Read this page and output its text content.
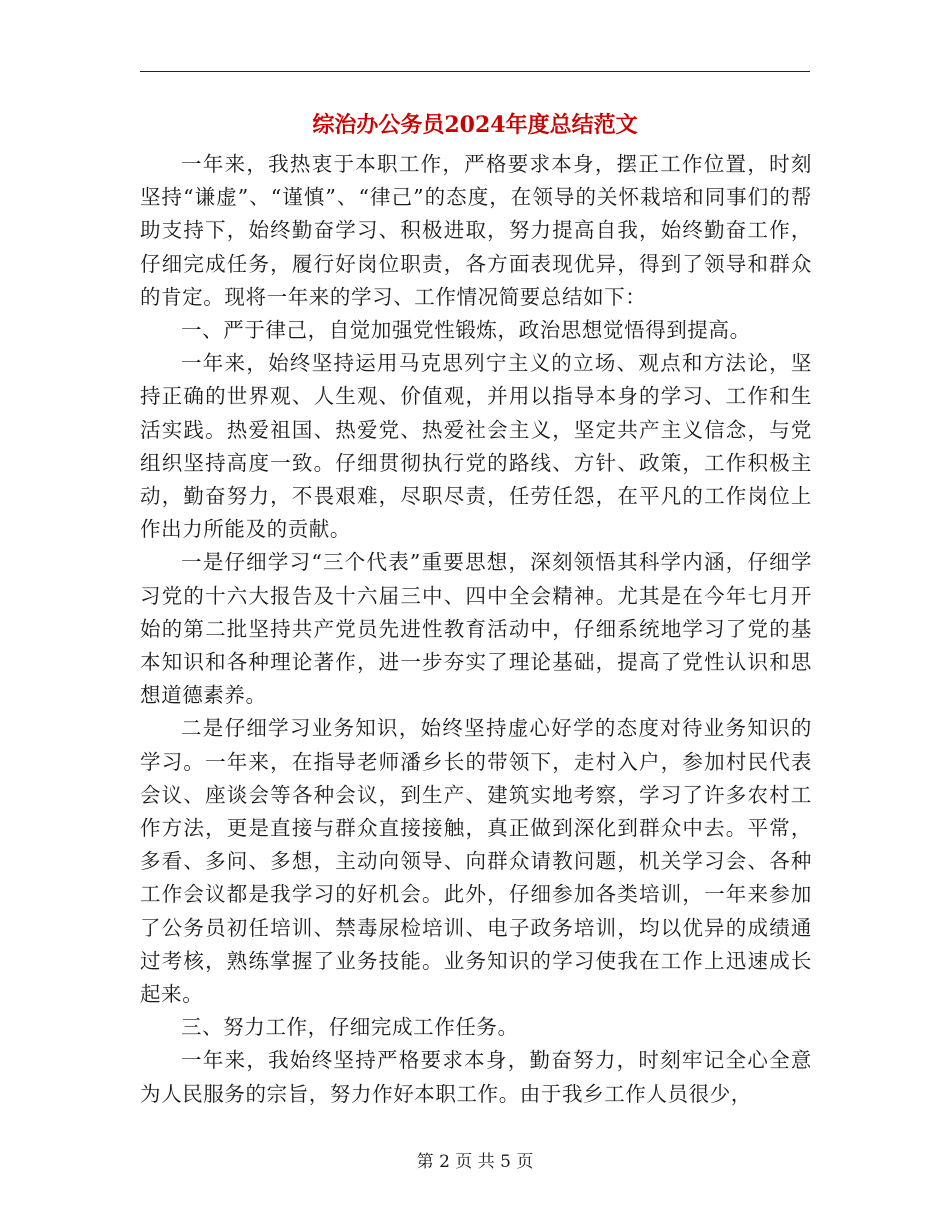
综治办公务员2024年度总结范文

一年来，我热衷于本职工作，严格要求本身，摆正工作位置，时刻坚持“谦虚”、“谨慎”、“律己”的态度，在领导的关怀栽培和同事们的帮助支持下，始终勤奋学习、积极进取，努力提高自我，始终勤奋工作，仔细完成任务，履行好岗位职责，各方面表现优异，得到了领导和群众的肯定。现将一年来的学习、工作情况简要总结如下：

一、严于律己，自觉加强党性锻炼，政治思想觉悟得到提高。

一年来，始终坚持运用马克思列宁主义的立场、观点和方法论，坚持正确的世界观、人生观、价值观，并用以指导本身的学习、工作和生活实践。热爱祖国、热爱党、热爱社会主义，坚定共产主义信念，与党组织坚持高度一致。仔细贯彻执行党的路线、方针、政策，工作积极主动，勤奋努力，不畏艰难，尽职尽责，任劳任怨，在平凡的工作岗位上作出力所能及的贡献。

一是仔细学习“三个代表”重要思想，深刻领悟其科学内涵，仔细学习党的十六大报告及十六届三中、四中全会精神。尤其是在今年七月开始的第二批坚持共产党员先进性教育活动中，仔细系统地学习了党的基本知识和各种理论著作，进一步夯实了理论基础，提高了党性认识和思想道德素养。

二是仔细学习业务知识，始终坚持虚心好学的态度对待业务知识的学习。一年来，在指导老师潘乡长的带领下，走村入户，参加村民代表会议、座谈会等各种会议，到生产、建筑实地考察，学习了许多农村工作方法，更是直接与群众直接接触，真正做到深化到群众中去。平常，多看、多问、多想，主动向领导、向群众请教问题，机关学习会、各种工作会议都是我学习的好机会。此外，仔细参加各类培训，一年来参加了公务员初任培训、禁毒尿检培训、电子政务培训，均以优异的成绩通过考核，熟练掌握了业务技能。业务知识的学习使我在工作上迅速成长起来。

三、努力工作，仔细完成工作任务。

一年来，我始终坚持严格要求本身，勤奋努力，时刻牢记全心全意为人民服务的宗旨，努力作好本职工作。由于我乡工作人员很少，

第 2 页 共 5 页
